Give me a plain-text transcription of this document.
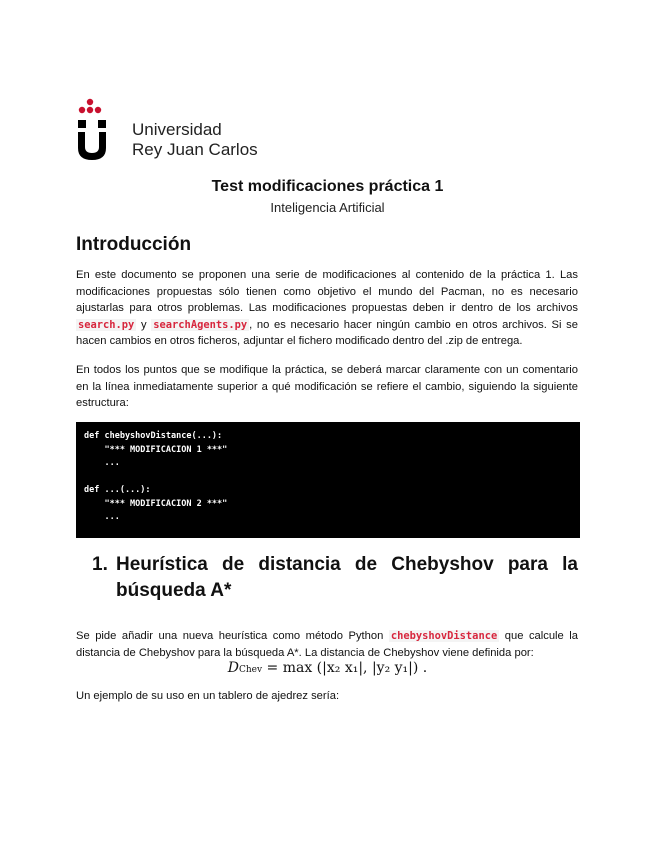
Universidad
Rey Juan Carlos
Test modificaciones práctica 1
Inteligencia Artificial
Introducción
En este documento se proponen una serie de modificaciones al contenido de la práctica 1. Las modificaciones propuestas sólo tienen como objetivo el mundo del Pacman, no es necesario ajustarlas para otros problemas. Las modificaciones propuestas deben ir dentro de los archivos search.py y searchAgents.py , no es necesario hacer ningún cambio en otros archivos. Si se hacen cambios en otros ficheros, adjuntar el fichero modificado dentro del .zip de entrega.
En todos los puntos que se modifique la práctica, se deberá marcar claramente con un comentario en la línea inmediatamente superior a qué modificación se refiere el cambio, siguiendo la siguiente estructura:
def chebyshovDistance(...):
"*** MODIFICACION 1 ***"
...
def ...(...):
"*** MODIFICACION 2 ***"
...
1. Heurística de distancia de Chebyshov para la
búsqueda A*
Se pide añadir una nueva heurística como método Python chebyshovDistance que calcule la distancia de Chebyshov para la búsqueda A*. La distancia de Chebyshov viene definida por:
DChev = max (|x₂ x₁|, |y₂ y₁|) .
Un ejemplo de su uso en un tablero de ajedrez sería:
